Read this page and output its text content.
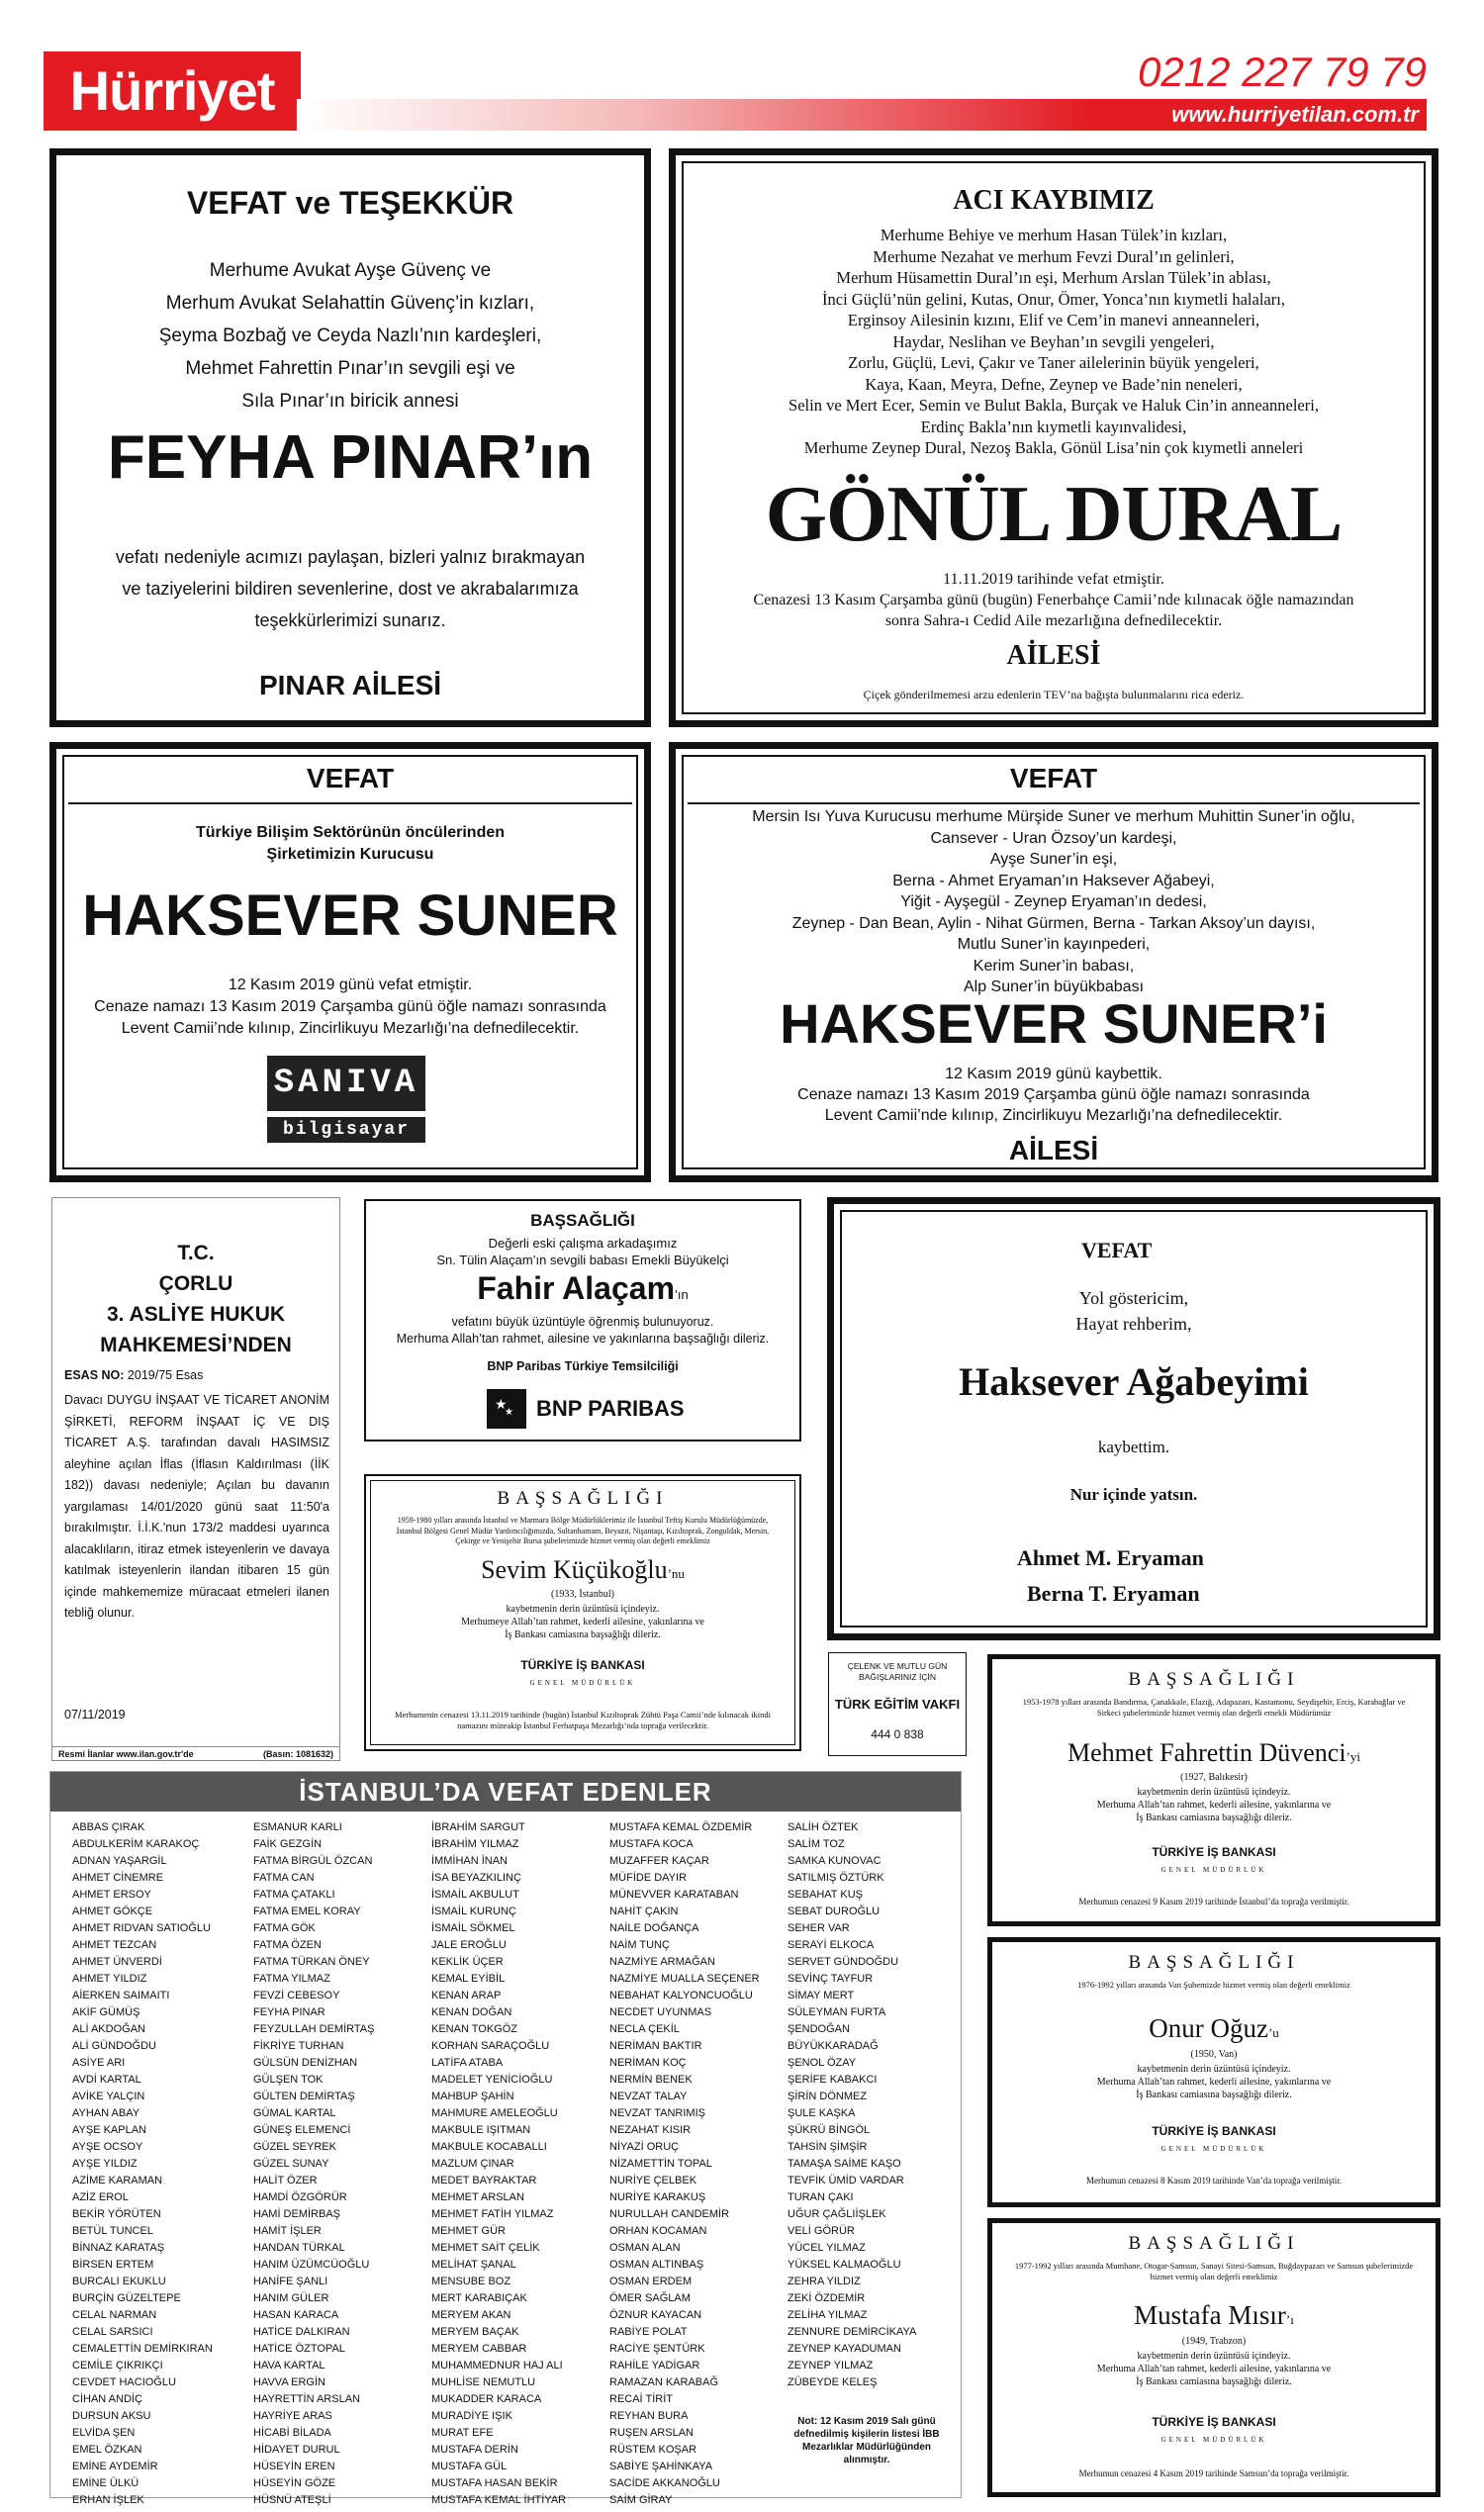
Hürriyet	0212 227 79 79
www.hurriyetilan.com.tr
VEFAT ve TEŞEKKÜR
Merhume Avukat Ayşe Güvenç ve
Merhum Avukat Selahattin Güvenç’in kızları,
Şeyma Bozbağ ve Ceyda Nazlı’nın kardeşleri,
Mehmet Fahrettin Pınar’ın sevgili eşi ve
Sıla Pınar’ın biricik annesi
FEYHA PINAR’ın
vefatı nedeniyle acımızı paylaşan, bizleri yalnız bırakmayan
ve taziyelerini bildiren sevenlerine, dost ve akrabalarımıza
teşekkürlerimizi sunarız.
PINAR AİLESİ
ACI KAYBIMIZ
Merhume Behiye ve merhum Hasan Tülek’in kızları,
Merhume Nezahat ve merhum Fevzi Dural’ın gelinleri,
Merhum Hüsamettin Dural’ın eşi, Merhum Arslan Tülek’in ablası,
İnci Güçlü’nün gelini, Kutas, Onur, Ömer, Yonca’nın kıymetli halaları,
Erginsoy Ailesinin kızını, Elif ve Cem’in manevi anneanneleri,
Haydar, Neslihan ve Beyhan’ın sevgili yengeleri,
Zorlu, Güçlü, Levi, Çakır ve Taner ailelerinin büyük yengeleri,
Kaya, Kaan, Meyra, Defne, Zeynep ve Bade’nin neneleri,
Selin ve Mert Ecer, Semin ve Bulut Bakla, Burçak ve Haluk Cin’in anneanneleri,
Erdinç Bakla’nın kıymetli kayınvalidesi,
Merhume Zeynep Dural, Nezoş Bakla, Gönül Lisa’nin çok kıymetli anneleri
GÖNÜL DURAL
11.11.2019 tarihinde vefat etmiştir.
Cenazesi 13 Kasım Çarşamba günü (bugün) Fenerbahçe Camii’nde kılınacak öğle namazından
sonra Sahra-ı Cedid Aile mezarlığına defnedilecektir.
AİLESİ
Çiçek gönderilmemesi arzu edenlerin TEV’na bağışta bulunmalarını rica ederiz.
VEFAT
Türkiye Bilişim Sektörünün öncülerinden
Şirketimizin Kurucusu
HAKSEVER SUNER
12 Kasım 2019 günü vefat etmiştir.
Cenaze namazı 13 Kasım 2019 Çarşamba günü öğle namazı sonrasında
Levent Camii’nde kılınıp, Zincirlikuyu Mezarlığı’na defnedilecektir.
SANIVA
bilgisayar
VEFAT
Mersin Isı Yuva Kurucusu merhume Mürşide Suner ve merhum Muhittin Suner’in oğlu,
Cansever - Uran Özsoy’un kardeşi,
Ayşe Suner’in eşi,
Berna - Ahmet Eryaman’ın Haksever Ağabeyi,
Yiğit - Ayşegül - Zeynep Eryaman’ın dedesi,
Zeynep - Dan Bean, Aylin - Nihat Gürmen, Berna - Tarkan Aksoy’un dayısı,
Mutlu Suner’in kayınpederi,
Kerim Suner’in babası,
Alp Suner’in büyükbabası
HAKSEVER SUNER’i
12 Kasım 2019 günü kaybettik.
Cenaze namazı 13 Kasım 2019 Çarşamba günü öğle namazı sonrasında
Levent Camii’nde kılınıp, Zincirlikuyu Mezarlığı’na defnedilecektir.
AİLESİ
T.C.
ÇORLU
3. ASLİYE HUKUK
MAHKEMESİ’NDEN
ESAS NO: 2019/75 Esas
Davacı DUYGU İNŞAAT VE TİCARET ANONİM ŞİRKETİ, REFORM İNŞAAT İÇ VE DIŞ TİCARET A.Ş. tarafından davalı HASIMSIZ aleyhine açılan İflas (İflasın Kaldırılması (İİK 182)) davası nedeniyle; Açılan bu davanın yargılaması 14/01/2020 günü saat 11:50'a bırakılmıştır. İ.İ.K.'nun 173/2 maddesi uyarınca alacaklıların, itiraz etmek isteyenlerin ve davaya katılmak isteyenlerin ilandan itibaren 15 gün içinde mahkememize müracaat etmeleri ilanen tebliğ olunur.
07/11/2019
Resmi İlanlar www.ilan.gov.tr'de	(Basın: 1081632)
BAŞSAĞLIĞI
Değerli eski çalışma arkadaşımız
Sn. Tülin Alaçam’ın sevgili babası Emekli Büyükelçi
Fahir Alaçam’ın
vefatını büyük üzüntüyle öğrenmiş bulunuyoruz.
Merhuma Allah’tan rahmet, ailesine ve yakınlarına başsağlığı dileriz.
BNP Paribas Türkiye Temsilciliği
★
★ BNP PARIBAS
BAŞSAĞLIĞI
1959-1980 yılları arasında İstanbul ve Marmara Bölge Müdürlüklerimiz ile İstanbul Teftiş Kurulu Müdürlüğümüzde, İstanbul Bölgesi Genel Müdür Yardımcılığımızda, Sultanhamam, Beyazıt, Nişantaşı, Kızıltoprak, Zonguldak, Mersin, Çekirge ve Yenişehir Bursa şubelerimizde hizmet vermiş olan değerli emeklimiz
Sevim Küçükoğlu’nu
(1933, İstanbul)
kaybetmenin derin üzüntüsü içindeyiz.
Merhumeye Allah’tan rahmet, kederli ailesine, yakınlarına ve
İş Bankası camiasına başsağlığı dileriz.
TÜRKİYE İŞ BANKASI
GENEL MÜDÜRLÜK
Merhumenin cenazesi 13.11.2019 tarihinde (bugün) İstanbul Kızıltoprak Zühtü Paşa Camii’nde kılınacak ikindi namazını müteakip İstanbul Ferhatpaşa Mezarlığı’nda toprağa verilecektir.
VEFAT
Yol göstericim,
Hayat rehberim,
Haksever Ağabeyimi
kaybettim.
Nur içinde yatsın.
Ahmet M. Eryaman
Berna T. Eryaman
ÇELENK VE MUTLU GÜN BAĞIŞLARINIZ İÇİN
TÜRK EĞİTİM VAKFI
444 0 838
BAŞSAĞLIĞI
1953-1978 yılları arasında Bandırma, Çanakkale, Elazığ, Adapazarı, Kastamonu, Seydişehir, Erciş, Karabağlar ve Sirkeci şubelerimizde hizmet vermiş olan değerli emekli Müdürümüz
Mehmet Fahrettin Düvenci’yi
(1927, Balıkesir)
kaybetmenin derin üzüntüsü içindeyiz.
Merhuma Allah’tan rahmet, kederli ailesine, yakınlarına ve
İş Bankası camiasına başsağlığı dileriz.
TÜRKİYE İŞ BANKASI
GENEL MÜDÜRLÜK
Merhumun cenazesi 9 Kasım 2019 tarihinde İstanbul’da toprağa verilmiştir.
BAŞSAĞLIĞI
1976-1992 yılları arasında Van Şubemizde hizmet vermiş olan değerli emeklimiz
Onur Oğuz’u
(1950, Van)
kaybetmenin derin üzüntüsü içindeyiz.
Merhuma Allah’tan rahmet, kederli ailesine, yakınlarına ve
İş Bankası camiasına başsağlığı dileriz.
TÜRKİYE İŞ BANKASI
GENEL MÜDÜRLÜK
Merhumun cenazesi 8 Kasım 2019 tarihinde Van’da toprağa verilmiştir.
BAŞSAĞLIĞI
1977-1992 yılları arasında Mumhane, Otogar-Samsun, Sanayi Sitesi-Samsun, Buğdaypazarı ve Samsun şubelerimizde hizmet vermiş olan değerli emeklimiz
Mustafa Mısır’ı
(1949, Trabzon)
kaybetmenin derin üzüntüsü içindeyiz.
Merhuma Allah’tan rahmet, kederli ailesine, yakınlarına ve
İş Bankası camiasına başsağlığı dileriz.
TÜRKİYE İŞ BANKASI
GENEL MÜDÜRLÜK
Merhumun cenazesi 4 Kasım 2019 tarihinde Samsun’da toprağa verilmiştir.
İSTANBUL’DA VEFAT EDENLER
ABBAS ÇIRAK
ABDULKERİM KARAKOÇ
ADNAN YAŞARGİL
AHMET CİNEMRE
AHMET ERSOY
AHMET GÖKÇE
AHMET RIDVAN SATIOĞLU
AHMET TEZCAN
AHMET ÜNVERDİ
AHMET YILDIZ
AİERKEN SAIMAITI
AKİF GÜMÜŞ
ALİ AKDOĞAN
ALİ GÜNDOĞDU
ASİYE ARI
AVDİ KARTAL
AVİKE YALÇIN
AYHAN ABAY
AYŞE KAPLAN
AYŞE OCSOY
AYŞE YILDIZ
AZİME KARAMAN
AZİZ EROL
BEKİR YÖRÜTEN
BETÜL TUNCEL
BİNNAZ KARATAŞ
BİRSEN ERTEM
BURCALI EKUKLU
BURÇİN GÜZELTEPE
CELAL NARMAN
CELAL SARSICI
CEMALETTİN DEMİRKIRAN
CEMİLE ÇIKRIKÇI
CEVDET HACIOĞLU
CİHAN ANDİÇ
DURSUN AKSU
ELVİDA ŞEN
EMEL ÖZKAN
EMİNE AYDEMİR
EMİNE ÜLKÜ
ERHAN İŞLEK
ESMANUR KARLI
FAİK GEZGİN
FATMA BİRGÜL ÖZCAN
FATMA CAN
FATMA ÇATAKLI
FATMA EMEL KORAY
FATMA GÖK
FATMA ÖZEN
FATMA TÜRKAN ÖNEY
FATMA YILMAZ
FEVZİ CEBESOY
FEYHA PINAR
FEYZULLAH DEMİRTAŞ
FİKRİYE TURHAN
GÜLSÜN DENİZHAN
GÜLŞEN TOK
GÜLTEN DEMİRTAŞ
GÜMAL KARTAL
GÜNEŞ ELEMENCİ
GÜZEL SEYREK
GÜZEL SUNAY
HALİT ÖZER
HAMDİ ÖZGÖRÜR
HAMİ DEMİRBAŞ
HAMİT İŞLER
HANDAN TÜRKAL
HANIM ÜZÜMCÜOĞLU
HANİFE ŞANLI
HANIM GÜLER
HASAN KARACA
HATİCE DALKIRAN
HATİCE ÖZTOPAL
HAVA KARTAL
HAVVA ERGİN
HAYRETTİN ARSLAN
HAYRİYE ARAS
HİCABİ BİLADA
HİDAYET DURUL
HÜSEYİN EREN
HÜSEYİN GÖZE
HÜSNÜ ATEŞLİ
İBRAHİM SARGUT
İBRAHİM YILMAZ
İMMİHAN İNAN
İSA BEYAZKILINÇ
İSMAİL AKBULUT
İSMAİL KURUNÇ
İSMAİL SÖKMEL
JALE EROĞLU
KEKLİK ÜÇER
KEMAL EYİBİL
KENAN ARAP
KENAN DOĞAN
KENAN TOKGÖZ
KORHAN SARAÇOĞLU
LATİFA ATABA
MADELET YENİCİOĞLU
MAHBUP ŞAHİN
MAHMURE AMELEOĞLU
MAKBULE IŞITMAN
MAKBULE KOCABALLI
MAZLUM ÇINAR
MEDET BAYRAKTAR
MEHMET ARSLAN
MEHMET FATİH YILMAZ
MEHMET GÜR
MEHMET SAİT ÇELİK
MELİHAT ŞANAL
MENSUBE BOZ
MERT KARABIÇAK
MERYEM AKAN
MERYEM BAÇAK
MERYEM CABBAR
MUHAMMEDNUR HAJ ALI
MUHLİSE NEMUTLU
MUKADDER KARACA
MURADİYE IŞIK
MURAT EFE
MUSTAFA DERİN
MUSTAFA GÜL
MUSTAFA HASAN BEKİR
MUSTAFA KEMAL İHTİYAR
MUSTAFA KEMAL ÖZDEMİR
MUSTAFA KOCA
MUZAFFER KAÇAR
MÜFİDE DAYIR
MÜNEVVER KARATABAN
NAHİT ÇAKIN
NAİLE DOĞANÇA
NAİM TUNÇ
NAZMİYE ARMAĞAN
NAZMİYE MUALLA SEÇENER
NEBAHAT KALYONCUOĞLU
NECDET UYUNMAS
NECLA ÇEKİL
NERİMAN BAKTIR
NERİMAN KOÇ
NERMİN BENEK
NEVZAT TALAY
NEVZAT TANRIMIŞ
NEZAHAT KISIR
NİYAZİ ORUÇ
NİZAMETTİN TOPAL
NURİYE ÇELBEK
NURİYE KARAKUŞ
NURULLAH CANDEMİR
ORHAN KOCAMAN
OSMAN ALAN
OSMAN ALTINBAŞ
OSMAN ERDEM
ÖMER SAĞLAM
ÖZNUR KAYACAN
RABİYE POLAT
RACİYE ŞENTÜRK
RAHİLE YADİGAR
RAMAZAN KARABAĞ
RECAİ TİRİT
REYHAN BURA
RUŞEN ARSLAN
RÜSTEM KOŞAR
SABİYE ŞAHİNKAYA
SACİDE AKKANOĞLU
SAİM GİRAY
SALİH ÖZTEK
SALİM TOZ
SAMKA KUNOVAC
SATILMIŞ ÖZTÜRK
SEBAHAT KUŞ
SEBAT DUROĞLU
SEHER VAR
SERAYİ ELKOCA
SERVET GÜNDOĞDU
SEVİNÇ TAYFUR
SİMAY MERT
SÜLEYMAN FURTA
ŞENDOĞAN
BÜYÜKKARADAĞ
ŞENOL ÖZAY
ŞERİFE KABAKCI
ŞİRİN DÖNMEZ
ŞULE KAŞKA
ŞÜKRÜ BİNGÖL
TAHSİN ŞİMŞİR
TAMAŞA SAİME KAŞO
TEVFİK ÜMİD VARDAR
TURAN ÇAKI
UĞUR ÇAĞLIİŞLEK
VELİ GÖRÜR
YÜCEL YILMAZ
YÜKSEL KALMAOĞLU
ZEHRA YILDIZ
ZEKİ ÖZDEMİR
ZELİHA YILMAZ
ZENNURE DEMİRCİKAYA
ZEYNEP KAYADUMAN
ZEYNEP YILMAZ
ZÜBEYDE KELEŞ
Not: 12 Kasım 2019 Salı günü defnedilmiş kişilerin listesi İBB Mezarlıklar Müdürlüğünden alınmıştır.
